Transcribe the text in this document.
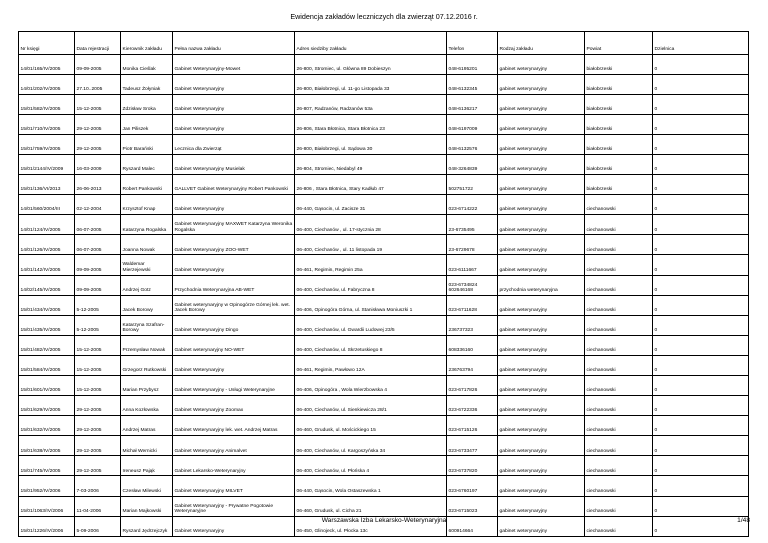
Ewidencja zakładów leczniczych dla zwierząt 07.12.2016 r.
Nr księgi	Data rejestracji	Kierownik zakładu	Pełna nazwa zakładu	Adres siedziby zakładu	Telefon	Rodzaj zakładu	Powiat	Dzielnica
14/01/165/IV/2005	09-09-2005	Monika Cieślak	Gabinet Weterynaryjny-Mowet	26-800, Stromiec, ul. Główna 89 Dobieszyn	048-6195201	gabinet weterynaryjny	białobrzeski	0
14/01/202/IV/2005	27.10..2005	Tadeusz Żołyniak	Gabinet Weterynaryjny	26-800, Białobrzegi, ul. 11-go Listopada 33	048-6132345	gabinet weterynaryjny	białobrzeski	0
15/01/582/IV/2005	15-12-2005	Zdzisław Sroka	Gabinet Weterynaryjny	26-807, Radzanów, Radzanów 53a	048-6136217	gabinet weterynaryjny	białobrzeski	0
15/01/710/IV/2005	29-12-2005	Jan Piliszek	Gabinet Weterynaryjny	26-806, Stara Błotnica, Stara Błotnica 23	048-6197009	gabinet weterynaryjny	białobrzeski	0
15/01/759/IV/2005	29-12-2005	Piotr Barański	Lecznica dla Zwierząt	26-800, Białobrzegi, ul. Sądowa 30	048-6132576	gabinet weterynaryjny	białobrzeski	0
15/01/2144/IV/2009	16-03-2009	Ryszard Malec	Gabinet Weterynaryjny Musielak	26-804, Stromiec, Niedabyl 49	048-3264839	gabinet weterynaryjny	białobrzeski	0
15/01/136/VI/2013	26-06-2013	Robert Pankowski	GALLVET Gabinet Weterynaryjny Robert Pankowski	26-806 , Stara Błotnica, Stary Kadłub 47	502751722	gabinet weterynaryjny	białobrzeski	0
14/01/560/2004/III	02-12-2004	Krzysztof Knap	Gabinet Weterynaryjny	06-440, Gąsocin, ul. Zacisze 31	023-6714222	gabinet weterynaryjny	ciechanowski	0
14/01/124/IV/2005	06-07-2005	Katarzyna Rogalska	Gabinet Weterynaryjny MAXWET Katarzyna Weronika Rogalska	06-400, Ciechanów , ul. 17-stycznia 28	23-6735495	gabinet weterynaryjny	ciechanowski	0
14/01/126/IV/2005	06-07-2005	Joanna Nowak	Gabinet Weterynaryjny ZOO-WET	06-400, Ciechanów , ul. 11 listopada 19	23-6729678	gabinet weterynaryjny	ciechanowski	0
14/01/142/IV/2005	09-09-2005	Waldemar Mierzejewski	Gabinet Weterynaryjny	06-461, Regimin, Regimin 25a	023-6111667	gabinet weterynaryjny	ciechanowski	0
14/02/145/IV/2005	09-09-2005	Andrzej Gotz	Przychodnia Weterynaryjna AB-WET	06-400, Ciechanów, ul. Fabryczna 8	023-6734824 602646168	przychodnia weterynaryjna	ciechanowski	0
15/01/434/IV/2005	5-12-2005	Jacek Borowy	Gabinet weterynaryjny w Opinogórze Górnej lek. wet. Jacek Borowy	06-406, Opinogóra Górna, ul. Stanisława Moniuszki 1	023-6711628	gabinet weterynaryjny	ciechanowski	0
15/01/435/IV/2005	5-12-2005	Katarzyna Szafran-Borowy	Gabinet Weterynaryjny Dingo	06-400, Ciechanów, ul. Gwardii Ludowej 23/5	236737323	gabinet weterynaryjny	ciechanowski	0
15/01/482/IV/2005	15-12-2005	Przemysław Nowak	Gabinet weterynaryjny NO-WET	06-400, Ciechanów, ul. Skrzetuskiego 8	608336160	gabinet weterynaryjny	ciechanowski	0
15/01/584/IV/2005	15-12-2005	Grzegorz Rutkowski	Gabinet Weterynaryjny	06-461, Regimin, Pawłowo 12A	236763794	gabinet weterynaryjny	ciechanowski	0
15/01/601/IV/2005	15-12-2005	Marian Przybysz	Gabinet Weterynaryjny - Usługi Weterynaryjne	06-406, Opinogóra , Wola Wierzbowska 4	023-6717826	gabinet weterynaryjny	ciechanowski	0
15/01/629/IV/2005	29-12-2005	Anna Kozłowska	Gabinet Weterynaryjny Zoomax	06-400, Ciechanów, ul. Sienkiewicza 28/1	023-6722336	gabinet weterynaryjny	ciechanowski	0
15/01/632/IV/2005	29-12-2005	Andrzej Matras	Gabinet Weterynaryjny lek. wet. Andrzej Matras	06-460, Grudusk, ul. Mościckiego 15	023-6715126	gabinet weterynaryjny	ciechanowski	0
15/01/638/IV/2005	29-12-2005	Michał Wernicki	Gabinet Weterynaryjny Animalvet	06-400, Ciechanów, ul. Kargoszyńska 34	023-6733477	gabinet weterynaryjny	ciechanowski	0
15/01/745/IV/2005	29-12-2005	Ireneusz Pająk	Gabinet Lekarsko-Weterynaryjny	06-400, Ciechanów, ul. Płońska 4	023-6737820	gabinet weterynaryjny	ciechanowski	0
15/01/952/IV/2006	7-03-2006	Czesław Milewski	Gabinet Weterynaryjny MILVET	06-440, Gąsocin, Wola Ostaszewska 1	023-6760197	gabinet weterynaryjny	ciechanowski	0
15/01/1063/IV/2006	11-04-2006	Marian Majkowski	Gabinet Weterynaryjny - Prywatne Pogotowie Weterynaryjne	06-460, Grudusk, ul. Cicha 21	023-6715023	gabinet weterynaryjny	ciechanowski	0
15/01/1226/IV/2006	5-09-2006	Ryszard Jędrzejczyk	Gabinet Weterynaryjny	06-450, Glinojeck, ul. Płocka 13c	600914664	gabinet weterynaryjny	ciechanowski	0
Warszawska Izba Lekarsko-Weterynaryjna	1/48
